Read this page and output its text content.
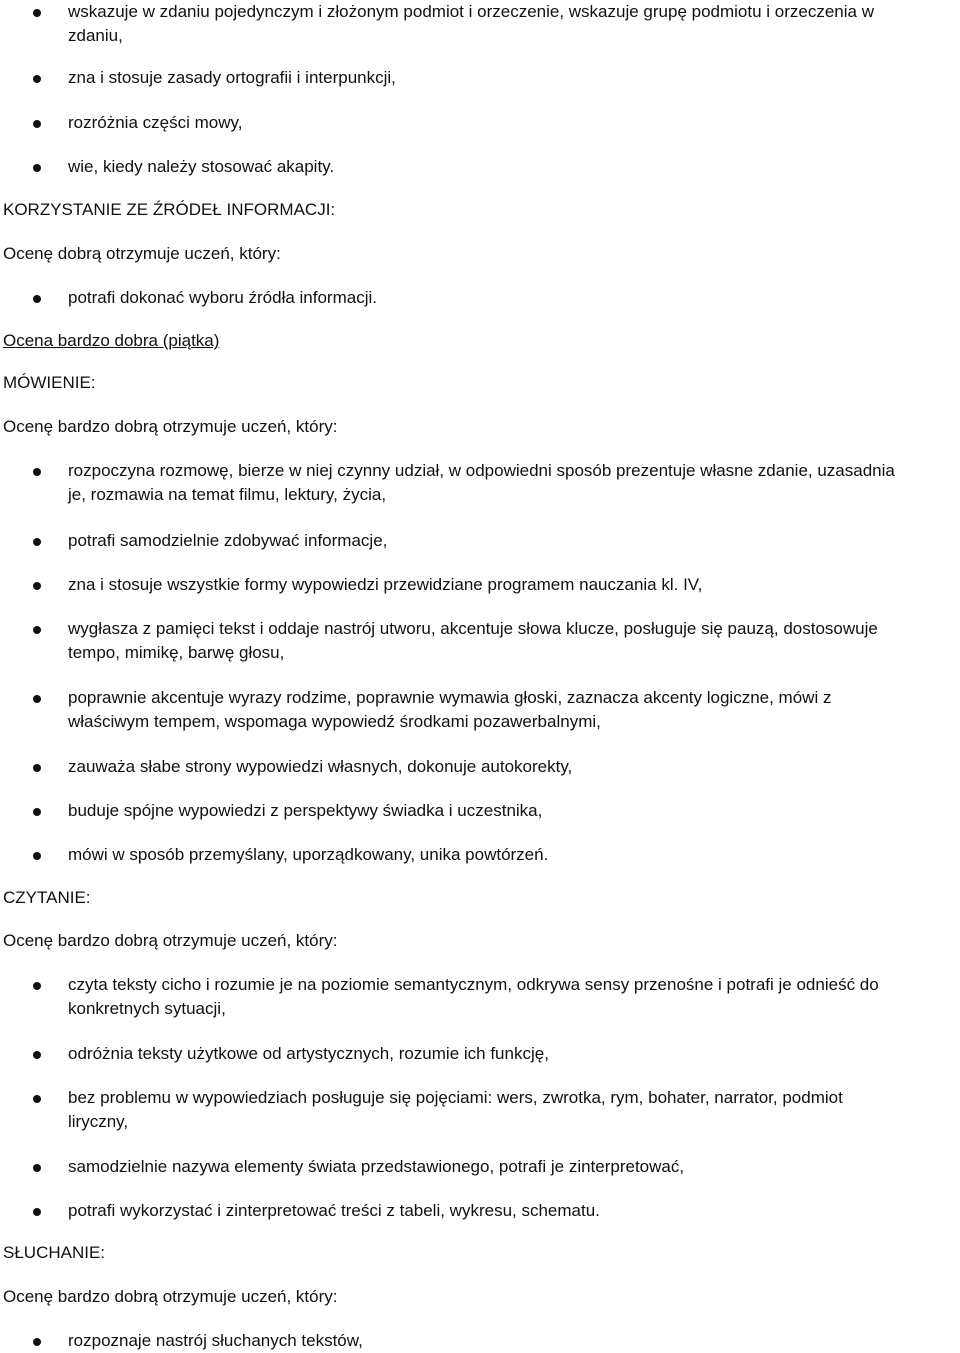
wskazuje w zdaniu pojedynczym i złożonym podmiot i orzeczenie, wskazuje grupę podmiotu i orzeczenia w
zdaniu,
zna i stosuje zasady ortografii i interpunkcji,
rozróżnia części mowy,
wie, kiedy należy stosować akapity.
KORZYSTANIE ZE ŹRÓDEŁ INFORMACJI:
Ocenę dobrą otrzymuje uczeń, który:
potrafi dokonać wyboru źródła informacji.
Ocena bardzo dobra (piątka)
MÓWIENIE:
Ocenę bardzo dobrą otrzymuje uczeń, który:
rozpoczyna rozmowę, bierze w niej czynny udział, w odpowiedni sposób prezentuje własne zdanie, uzasadnia
je, rozmawia na temat filmu, lektury, życia,
potrafi samodzielnie zdobywać informacje,
zna i stosuje wszystkie formy wypowiedzi przewidziane programem nauczania kl. IV,
wygłasza z pamięci tekst i oddaje nastrój utworu, akcentuje słowa klucze, posługuje się pauzą, dostosowuje
tempo, mimikę, barwę głosu,
poprawnie akcentuje wyrazy rodzime, poprawnie wymawia głoski, zaznacza akcenty logiczne, mówi z
właściwym tempem, wspomaga wypowiedź środkami pozawerbalnymi,
zauważa słabe strony wypowiedzi własnych, dokonuje autokorekty,
buduje spójne wypowiedzi z perspektywy świadka i uczestnika,
mówi w sposób przemyślany, uporządkowany, unika powtórzeń.
CZYTANIE:
Ocenę bardzo dobrą otrzymuje uczeń, który:
czyta teksty cicho i rozumie je na poziomie semantycznym, odkrywa sensy przenośne i potrafi je odnieść do
konkretnych sytuacji,
odróżnia teksty użytkowe od artystycznych, rozumie ich funkcję,
bez problemu w wypowiedziach posługuje się pojęciami: wers, zwrotka, rym, bohater, narrator, podmiot
liryczny,
samodzielnie nazywa elementy świata przedstawionego, potrafi je zinterpretować,
potrafi wykorzystać i zinterpretować treści z tabeli, wykresu, schematu.
SŁUCHANIE:
Ocenę bardzo dobrą otrzymuje uczeń, który:
rozpoznaje nastrój słuchanych tekstów,
